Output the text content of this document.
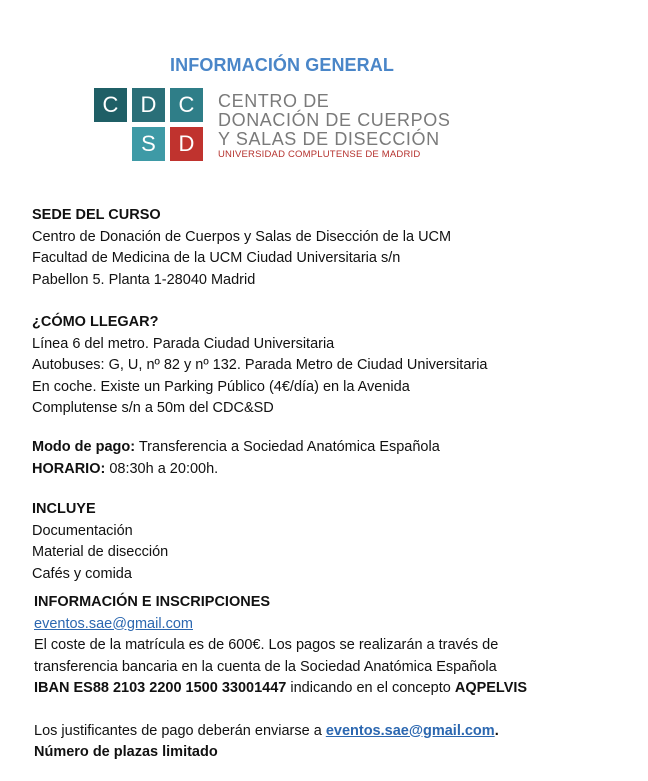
INFORMACIÓN GENERAL
C	D	C
S	D
CENTRO DE
DONACIÓN DE CUERPOS
Y SALAS DE DISECCIÓN
UNIVERSIDAD COMPLUTENSE DE MADRID
SEDE DEL CURSO
Centro de Donación de Cuerpos y Salas de Disección de la UCM
Facultad de Medicina de la UCM Ciudad Universitaria s/n
Pabellon 5. Planta 1-28040 Madrid
¿CÓMO LLEGAR?
Línea 6 del metro. Parada Ciudad Universitaria
Autobuses: G, U, nº 82 y nº 132. Parada Metro de Ciudad Universitaria
En coche. Existe un Parking Público (4€/día) en la Avenida
Complutense s/n a 50m del CDC&SD
Modo de pago: Transferencia a Sociedad Anatómica Española
HORARIO: 08:30h a 20:00h.
INCLUYE
Documentación
Material de disección
Cafés y comida
INFORMACIÓN E INSCRIPCIONES
eventos.sae@gmail.com
El coste de la matrícula es de 600€. Los pagos se realizarán a través de
transferencia bancaria en la cuenta de la Sociedad Anatómica Española
IBAN ES88 2103 2200 1500 33001447 indicando en el concepto AQPELVIS
Los justificantes de pago deberán enviarse a eventos.sae@gmail.com.
Número de plazas limitado
